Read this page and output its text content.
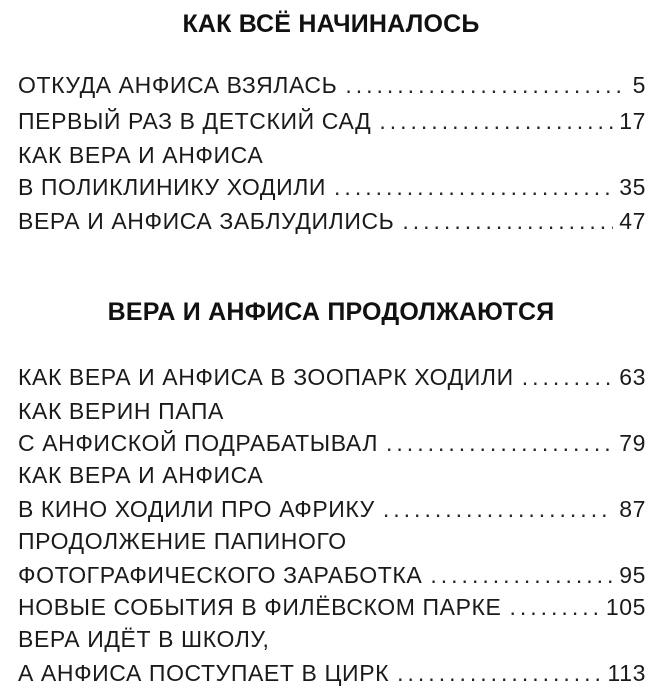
КАК ВСЁ НАЧИНАЛОСЬ
ОТКУДА АНФИСА ВЗЯЛАСЬ .....	5
ПЕРВЫЙ РАЗ В ДЕТСКИЙ САД .....	17
КАК ВЕРА И АНФИСА
В ПОЛИКЛИНИКУ ХОДИЛИ .....	35
ВЕРА И АНФИСА ЗАБЛУДИЛИСЬ .....	47
ВЕРА И АНФИСА ПРОДОЛЖАЮТСЯ
КАК ВЕРА И АНФИСА В ЗООПАРК ХОДИЛИ .....	63
КАК ВЕРИН ПАПА
С АНФИСКОЙ ПОДРАБАТЫВАЛ .....	79
КАК ВЕРА И АНФИСА
В КИНО ХОДИЛИ ПРО АФРИКУ .....	87
ПРОДОЛЖЕНИЕ ПАПИНОГО
ФОТОГРАФИЧЕСКОГО ЗАРАБОТКА .....	95
НОВЫЕ СОБЫТИЯ В ФИЛЁВСКОМ ПАРКЕ .....	105
ВЕРА ИДЁТ В ШКОЛУ,
А АНФИСА ПОСТУПАЕТ В ЦИРК .....	113
